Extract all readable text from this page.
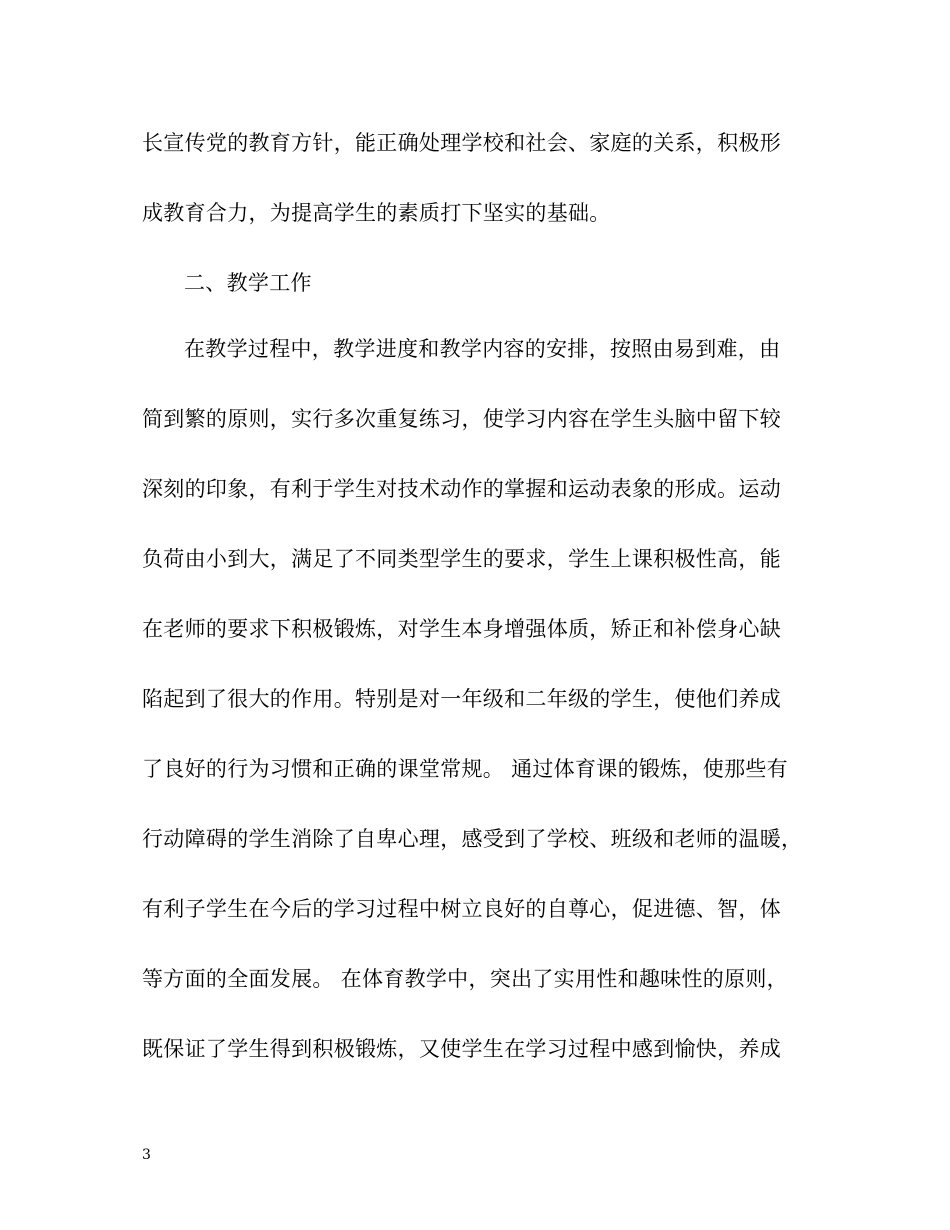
长宣传党的教育方针，能正确处理学校和社会、家庭的关系，积极形
成教育合力，为提高学生的素质打下坚实的基础。
二、教学工作
在教学过程中，教学进度和教学内容的安排，按照由易到难，由
简到繁的原则，实行多次重复练习，使学习内容在学生头脑中留下较
深刻的印象，有利于学生对技术动作的掌握和运动表象的形成。运动
负荷由小到大，满足了不同类型学生的要求，学生上课积极性高，能
在老师的要求下积极锻炼，对学生本身增强体质，矫正和补偿身心缺
陷起到了很大的作用。特别是对一年级和二年级的学生，使他们养成
了良好的行为习惯和正确的课堂常规。 通过体育课的锻炼，使那些有
行动障碍的学生消除了自卑心理，感受到了学校、班级和老师的温暖，
有利子学生在今后的学习过程中树立良好的自尊心，促进德、智，体
等方面的全面发展。 在体育教学中，突出了实用性和趣味性的原则，
既保证了学生得到积极锻炼，又使学生在学习过程中感到愉快，养成
3
